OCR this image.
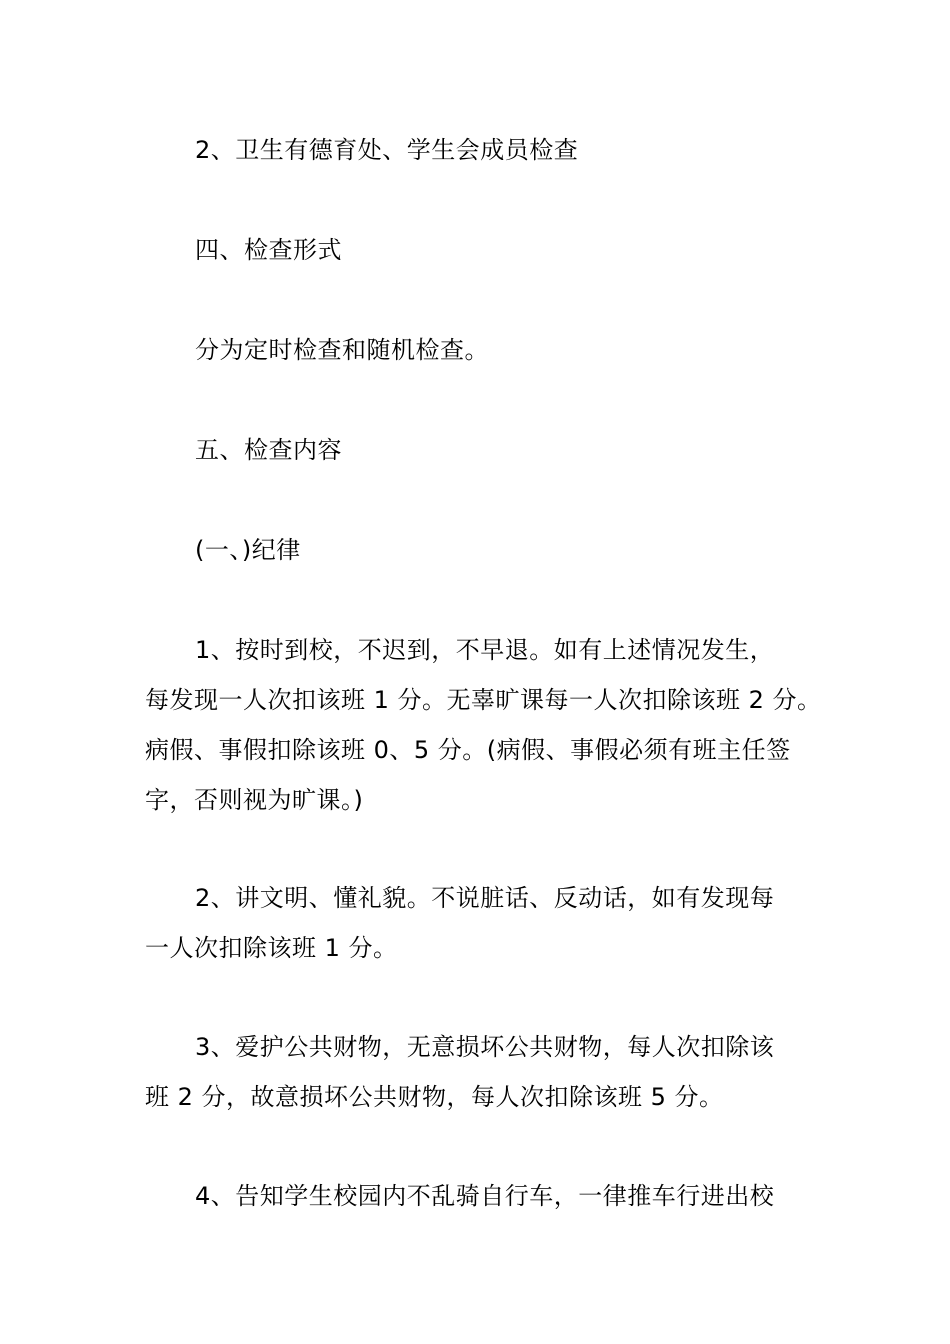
2、卫生有德育处、学生会成员检查

四、检查形式

分为定时检查和随机检查。

五、检查内容

(一、)纪律

1、按时到校，不迟到，不早退。如有上述情况发生，
每发现一人次扣该班 1 分。无辜旷课每一人次扣除该班 2 分。
病假、事假扣除该班 0、5 分。(病假、事假必须有班主任签
字，否则视为旷课。)

2、讲文明、懂礼貌。不说脏话、反动话，如有发现每
一人次扣除该班 1 分。

3、爱护公共财物，无意损坏公共财物，每人次扣除该
班 2 分，故意损坏公共财物，每人次扣除该班 5 分。

4、告知学生校园内不乱骑自行车，一律推车行进出校
